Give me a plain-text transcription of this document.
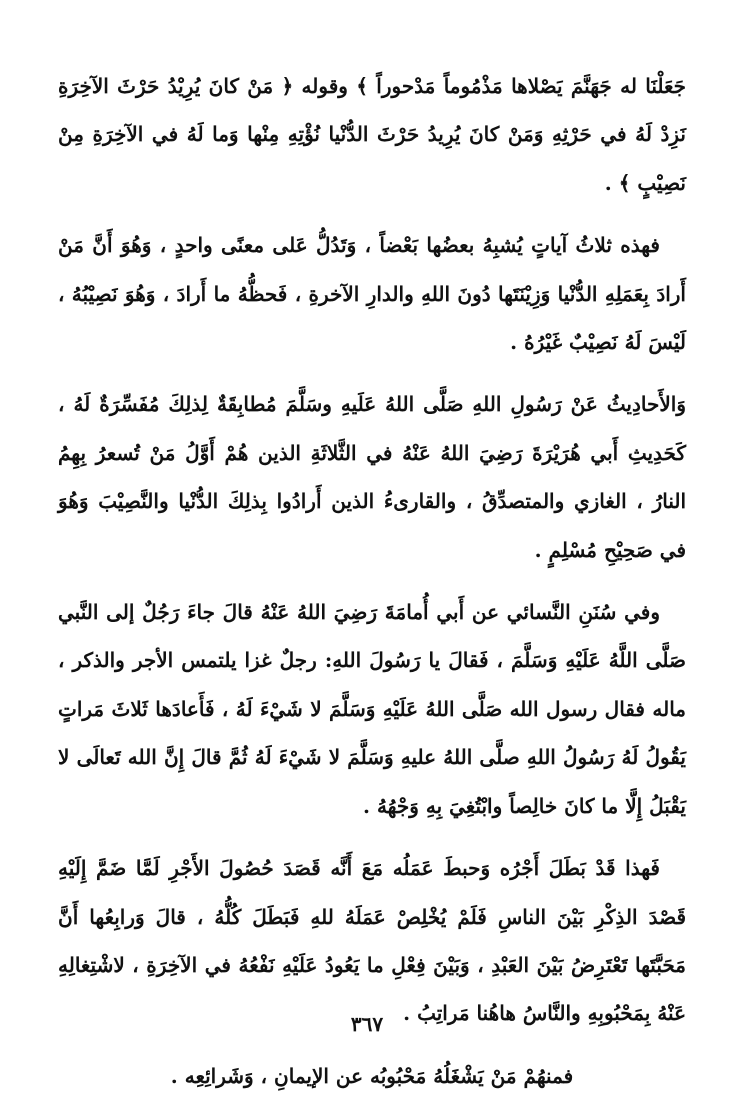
جَعَلْنَا له جَهَنَّمَ يَصْلاها مَذْمُوماً مَدْحوراً ﴾ وقوله ﴿ مَنْ كانَ يُرِيْدُ حَرْثَ الآخِرَةِ نَزِدْ لَهُ في حَرْثِهِ وَمَنْ كانَ يُرِيدُ حَرْثَ الدُّنْيا نُؤْتِهِ مِنْها وَما لَهُ في الآخِرَةِ مِنْ نَصِيْبٍ ﴾ .

فهذه ثلاثُ آياتٍ يُشبِهُ بعضُها بَعْضاً ، وَتَدُلُّ عَلى معنًى واحدٍ ، وَهُوَ أَنَّ مَنْ أَرادَ بِعَمَلِهِ الدُّنْيا وَزِيْنَتَها دُونَ اللهِ والدارِ الآخرةِ ، فَحظُّهُ ما أَرادَ ، وَهُوَ نَصِيْبُهُ ، لَيْسَ لَهُ نَصِيْبٌ غَيْرُهُ .

وَالأَحادِيثُ عَنْ رَسُولِ اللهِ صَلَّى اللهُ عَلَيهِ وسَلَّمَ مُطابِقَةٌ لِذلِكَ مُفَسِّرَةٌ لَهُ ، كَحَدِيثِ أَبي هُرَيْرَةَ رَضِيَ اللهُ عَنْهُ في الثَّلاثَةِ الذين هُمْ أَوَّلُ مَنْ تُسعرُ بِهِمُ النارُ ، الغازي والمتصدِّقُ ، والقارىءُ الذين أَرادُوا بِذلِكَ الدُّنْيا والنَّصِيْبَ وَهُوَ في صَحِيْحِ مُسْلِمٍ .

وفي سُنَنِ النَّسائي عن أَبي أُمامَةَ رَضِيَ اللهُ عَنْهُ قالَ جاءَ رَجُلٌ إلى النَّبي صَلَّى اللَّهُ عَلَيْهِ وَسَلَّمَ ، فَقالَ يا رَسُولَ اللهِ: رجلٌ غزا يلتمس الأجر والذكر ، ماله فقال رسول الله صَلَّى اللهُ عَلَيْهِ وَسَلَّمَ لا شَيْءَ لَهُ ، فَأَعادَها ثَلاثَ مَراتٍ يَقُولُ لَهُ رَسُولُ اللهِ صلَّى اللهُ عليهِ وَسَلَّمَ لا شَيْءَ لَهُ ثُمَّ قالَ إِنَّ الله تَعالَى لا يَقْبَلُ إِلَّا ما كانَ خالِصاً وابْتُغِيَ بِهِ وَجْهُهُ .

فَهذا قَدْ بَطَلَ أَجْرُه وَحبطَ عَمَلُه مَعَ أَنَّه قَصَدَ حُصُولَ الأَجْرِ لَمَّا ضَمَّ إِلَيْهِ قَصْدَ الذِكْرِ بَيْنَ الناسِ فَلَمْ يُخْلِصْ عَمَلَهُ للهِ فَبَطَلَ كُلُّهُ ، قالَ وَرابِعُها أَنَّ مَحَبَّتَها تَعْتَرِضُ بَيْنَ العَبْدِ ، وَبَيْنَ فِعْلِ ما يَعُودُ عَلَيْهِ نَفْعُهُ في الآخِرَةِ ، لاشْتِغالِهِ عَنْهُ بِمَحْبُوبِهِ والنَّاسُ هاهُنا مَراتِبُ .

فمنهُمْ مَنْ يَشْغَلُهُ مَحْبُوبُه عن الإيمانِ ، وَشَرائِعِه .

٣٦٧
